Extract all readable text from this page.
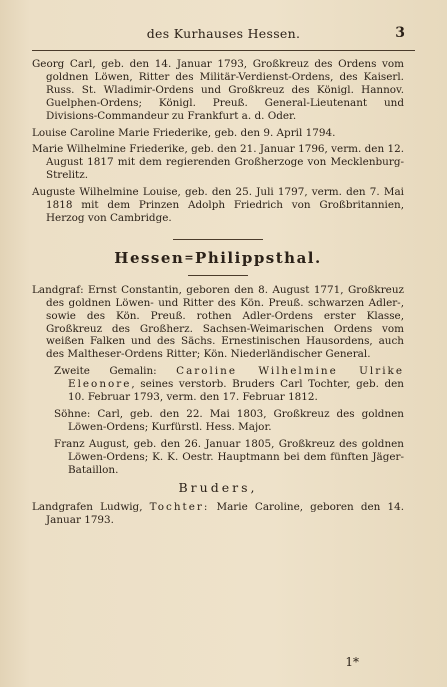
des Kurhauses Hessen.	3

Georg Carl, geb. den 14. Januar 1793, Großkreuz des Ordens vom goldnen Löwen, Ritter des Militär-Verdienst-Ordens, des Kaiserl. Russ. St. Wladimir-Ordens und Großkreuz des Königl. Hannov. Guelphen-Ordens; Königl. Preuß. General-Lieutenant und Divisions-Commandeur zu Frankfurt a. d. Oder.

Louise Caroline Marie Friederike, geb. den 9. April 1794.

Marie Wilhelmine Friederike, geb. den 21. Januar 1796, verm. den 12. August 1817 mit dem regierenden Großherzoge von Mecklenburg-Strelitz.

Auguste Wilhelmine Louise, geb. den 25. Juli 1797, verm. den 7. Mai 1818 mit dem Prinzen Adolph Friedrich von Großbritannien, Herzog von Cambridge.

Hessen=Philippsthal.

Landgraf: Ernst Constantin, geboren den 8. August 1771, Großkreuz des goldnen Löwen- und Ritter des Kön. Preuß. schwarzen Adler-, sowie des Kön. Preuß. rothen Adler-Ordens erster Klasse, Großkreuz des Großherz. Sachsen-Weimarischen Ordens vom weißen Falken und des Sächs. Ernestinischen Hausordens, auch des Maltheser-Ordens Ritter; Kön. Niederländischer General.

Zweite Gemalin: Caroline Wilhelmine Ulrike Eleonore, seines verstorb. Bruders Carl Tochter, geb. den 10. Februar 1793, verm. den 17. Februar 1812.

Söhne: Carl, geb. den 22. Mai 1803, Großkreuz des goldnen Löwen-Ordens; Kurfürstl. Hess. Major.

Franz August, geb. den 26. Januar 1805, Großkreuz des goldnen Löwen-Ordens; K. K. Oestr. Hauptmann bei dem fünften Jäger-Bataillon.

Bruders,

Landgrafen Ludwig, Tochter: Marie Caroline, geboren den 14. Januar 1793.

1*
